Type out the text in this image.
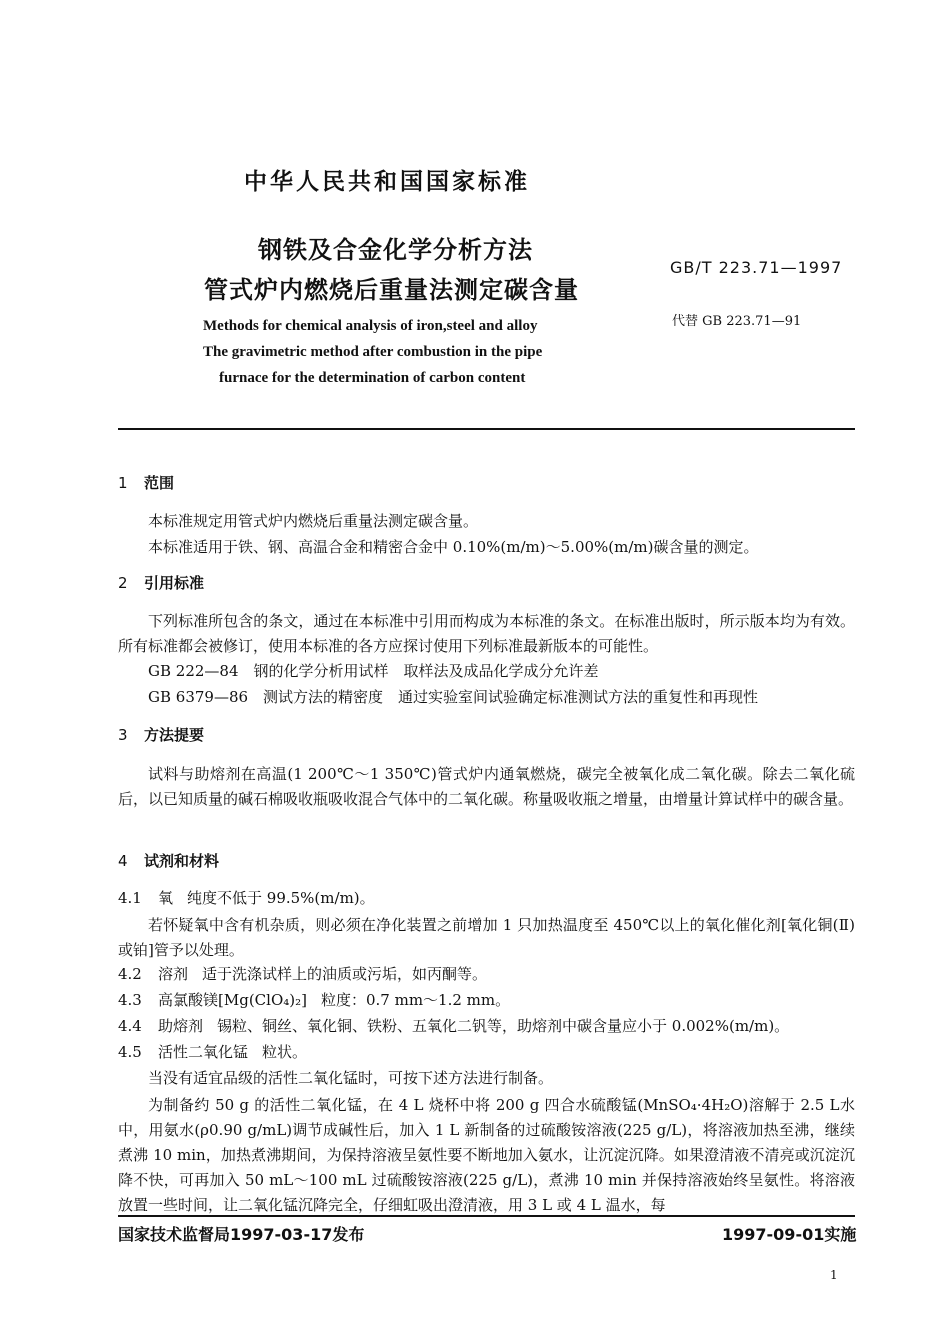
中华人民共和国国家标准
钢铁及合金化学分析方法
管式炉内燃烧后重量法测定碳含量
GB/T 223.71—1997
代替 GB 223.71—91
Methods for chemical analysis of iron,steel and alloy
The gravimetric method after combustion in the pipe
furnace for the determination of carbon content
1 范围
本标准规定用管式炉内燃烧后重量法测定碳含量。
本标准适用于铁、钢、高温合金和精密合金中 0.10%(m/m)～5.00%(m/m)碳含量的测定。
2 引用标准
下列标准所包含的条文，通过在本标准中引用而构成为本标准的条文。在标准出版时，所示版本均为有效。所有标准都会被修订，使用本标准的各方应探讨使用下列标准最新版本的可能性。
GB 222—84　钢的化学分析用试样　取样法及成品化学成分允许差
GB 6379—86　测试方法的精密度　通过实验室间试验确定标准测试方法的重复性和再现性
3 方法提要
试料与助熔剂在高温(1 200℃～1 350℃)管式炉内通氧燃烧，碳完全被氧化成二氧化碳。除去二氧化硫后，以已知质量的碱石棉吸收瓶吸收混合气体中的二氧化碳。称量吸收瓶之增量，由增量计算试样中的碳含量。
4 试剂和材料
4.1 氧 纯度不低于 99.5%(m/m)。
若怀疑氧中含有机杂质，则必须在净化装置之前增加 1 只加热温度至 450℃以上的氧化催化剂[氧化铜(Ⅱ)或铂]管予以处理。
4.2 溶剂 适于洗涤试样上的油质或污垢，如丙酮等。
4.3 高氯酸镁[Mg(ClO₄)₂] 粒度：0.7 mm～1.2 mm。
4.4 助熔剂 锡粒、铜丝、氧化铜、铁粉、五氧化二钒等，助熔剂中碳含量应小于 0.002%(m/m)。
4.5 活性二氧化锰 粒状。
当没有适宜品级的活性二氧化锰时，可按下述方法进行制备。
为制备约 50 g 的活性二氧化锰，在 4 L 烧杯中将 200 g 四合水硫酸锰(MnSO₄·4H₂O)溶解于 2.5 L水中，用氨水(ρ0.90 g/mL)调节成碱性后，加入 1 L 新制备的过硫酸铵溶液(225 g/L)，将溶液加热至沸，继续煮沸 10 min，加热煮沸期间，为保持溶液呈氨性要不断地加入氨水，让沉淀沉降。如果澄清液不清亮或沉淀沉降不快，可再加入 50 mL～100 mL 过硫酸铵溶液(225 g/L)，煮沸 10 min 并保持溶液始终呈氨性。将溶液放置一些时间，让二氧化锰沉降完全，仔细虹吸出澄清液，用 3 L 或 4 L 温水，每
国家技术监督局1997-03-17发布	1997-09-01实施
1
